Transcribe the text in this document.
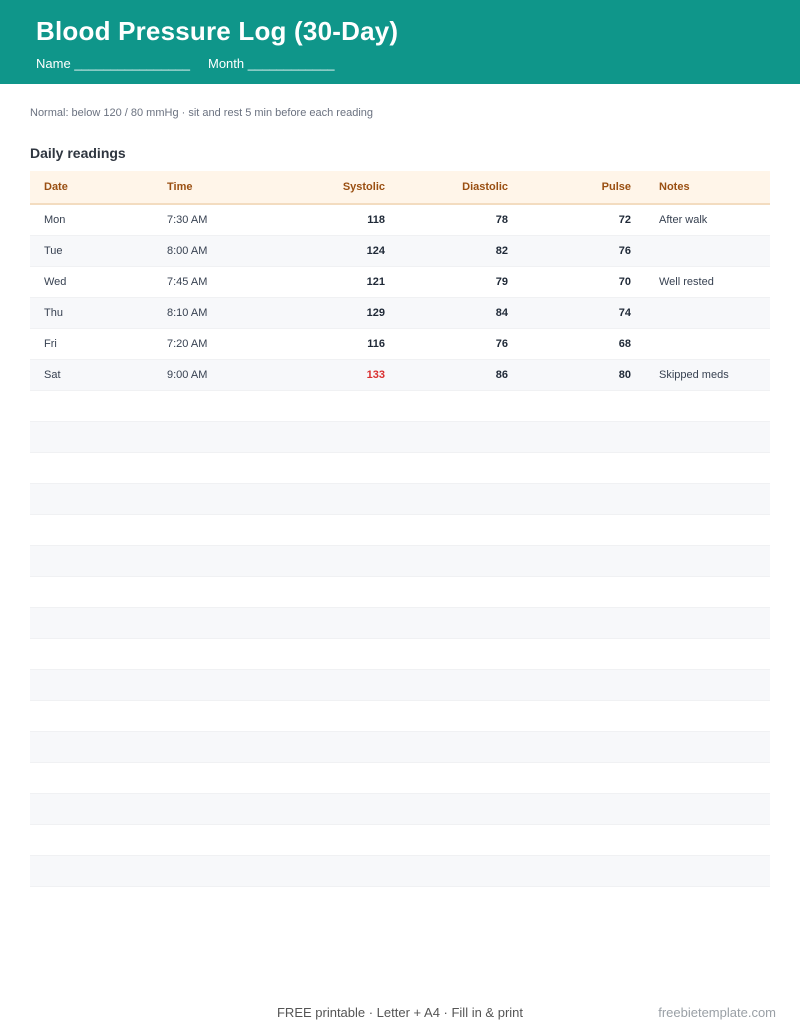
Blood Pressure Log (30-Day)
Name ________________ Month ____________
Normal: below 120 / 80 mmHg · sit and rest 5 min before each reading
Daily readings
Date	Time	Systolic	Diastolic	Pulse	Notes
Mon	7:30 AM	118	78	72	After walk
Tue	8:00 AM	124	82	76	
Wed	7:45 AM	121	79	70	Well rested
Thu	8:10 AM	129	84	74	
Fri	7:20 AM	116	76	68	
Sat	9:00 AM	133	86	80	Skipped meds

FREE printable · Letter + A4 · Fill in & print	freebietemplate.com
